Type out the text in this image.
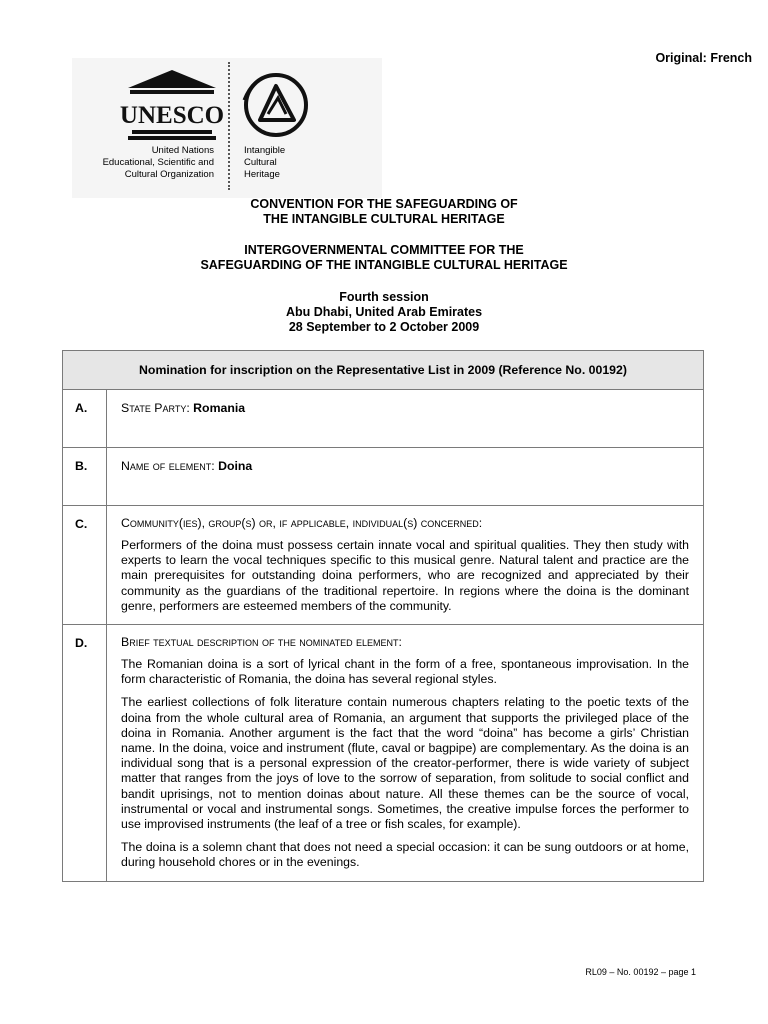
Original: French
UNESCO
United Nations
Educational, Scientific and
Cultural Organization
Intangible
Cultural
Heritage
CONVENTION FOR THE SAFEGUARDING OF
THE INTANGIBLE CULTURAL HERITAGE
INTERGOVERNMENTAL COMMITTEE FOR THE
SAFEGUARDING OF THE INTANGIBLE CULTURAL HERITAGE
Fourth session
Abu Dhabi, United Arab Emirates
28 September to 2 October 2009
Nomination for inscription on the Representative List in 2009 (Reference No. 00192)	
A.	State Party: Romania
B.	Name of element: Doina
C.	Community(ies), group(s) or, if applicable, individual(s) concerned:

Performers of the doina must possess certain innate vocal and spiritual qualities. They then study with experts to learn the vocal techniques specific to this musical genre. Natural talent and practice are the main prerequisites for outstanding doina performers, who are recognized and appreciated by their community as the guardians of the traditional repertoire. In regions where the doina is the dominant genre, performers are esteemed members of the community.

D.	Brief textual description of the nominated element:

The Romanian doina is a sort of lyrical chant in the form of a free, spontaneous improvisation. In the form characteristic of Romania, the doina has several regional styles.

The earliest collections of folk literature contain numerous chapters relating to the poetic texts of the doina from the whole cultural area of Romania, an argument that supports the privileged place of the doina in Romania. Another argument is the fact that the word “doina” has become a girls’ Christian name. In the doina, voice and instrument (flute, caval or bagpipe) are complementary. As the doina is an individual song that is a personal expression of the creator-performer, there is wide variety of subject matter that ranges from the joys of love to the sorrow of separation, from solitude to social conflict and bandit uprisings, not to mention doinas about nature. All these themes can be the source of vocal, instrumental or vocal and instrumental songs. Sometimes, the creative impulse forces the performer to use improvised instruments (the leaf of a tree or fish scales, for example).

The doina is a solemn chant that does not need a special occasion: it can be sung outdoors or at home, during household chores or in the evenings.

RL09 – No. 00192 – page 1
